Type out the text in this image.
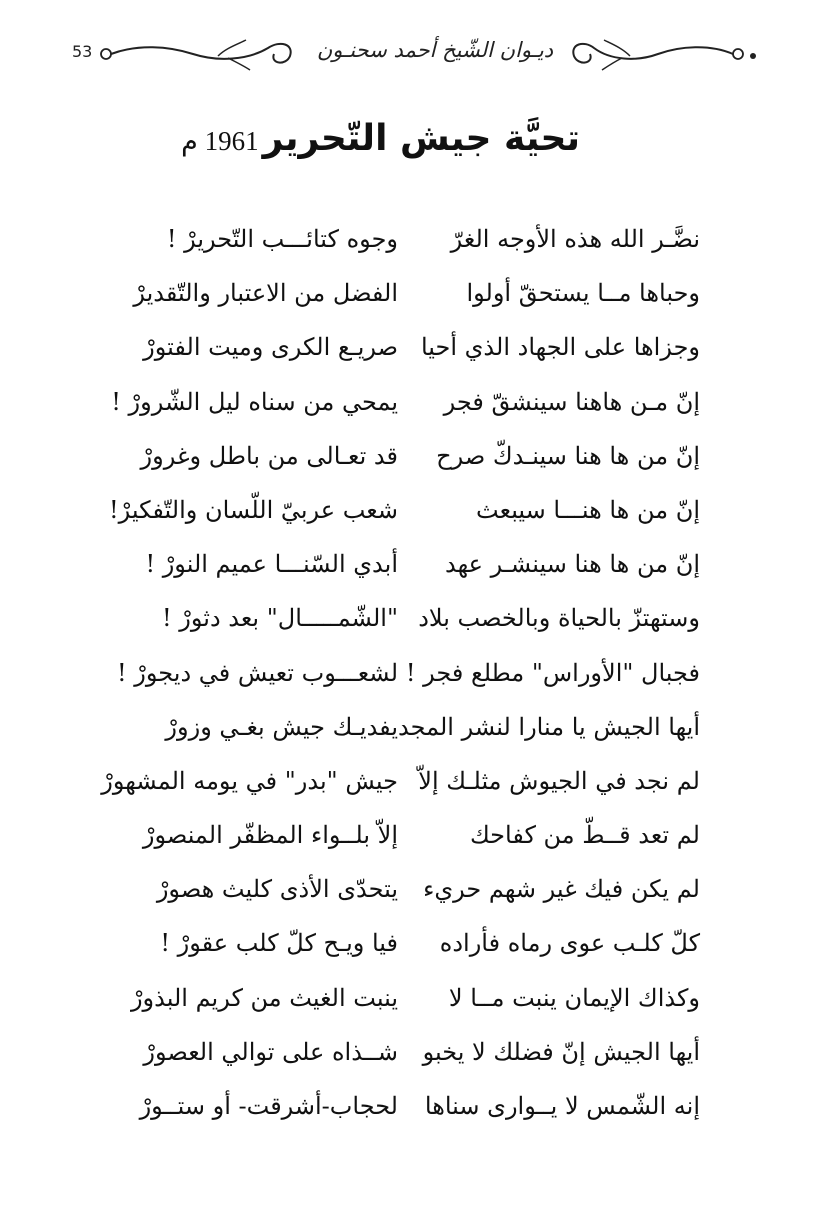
53	ديـوان الشّيخ أحمد سحنـون
تحيَّة جيش التّحرير1961 م
نضَّـر الله هذه الأوجه الغرّ
وجوه كتائـــب التّحريرْ !
وحباها مــا يستحقّ أولوا
الفضل من الاعتبار والتّقديرْ
وجزاها على الجهاد الذي أحيا
صريـع الكرى وميت الفتورْ
إنّ مـن هاهنا سينشقّ فجر
يمحي من سناه ليل الشّرورْ !
إنّ من ها هنا سينـدكّ صرح
قد تعـالى من باطل وغرورْ
إنّ من ها هنـــا سيبعث
شعب عربيّ اللّسان والتّفكيرْ!
إنّ من ها هنا سينشـر عهد
أبدي السّنـــا عميم النورْ !
وستهتزّ بالحياة وبالخصب بلاد
"الشّمـــــال" بعد دثورْ !
فجبال "الأوراس" مطلع فجر !
لشعـــوب تعيش في ديجورْ !
أيها الجيش يا منارا لنشر المجد
يفديـك جيش بغـي وزورْ
لم نجد في الجيوش مثلـك إلاّ
جيش "بدر" في يومه المشهورْ
لم تعد قــطّ من كفاحك
إلاّ بلــواء المظفّر المنصورْ
لم يكن فيك غير شهم حريء
يتحدّى الأذى كليث هصورْ
كلّ كلـب عوى رماه فأراده
فيا ويـح كلّ كلب عقورْ !
وكذاك الإيمان ينبت مــا لا
ينبت الغيث من كريم البذورْ
أيها الجيش إنّ فضلك لا يخبو
شــذاه على توالي العصورْ
إنه الشّمس لا يــوارى سناها
لحجاب-أشرقت- أو ستــورْ
